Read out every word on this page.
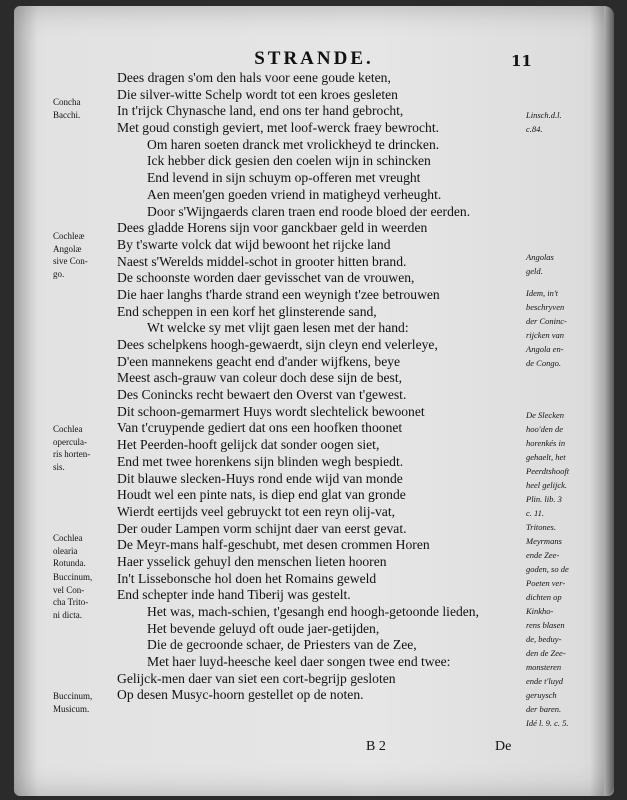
STRANDE.	11
Concha
Bacchi.
Cochleæ
Angolæ
sive Con-
go.
Cochlea
opercula-
ris horten-
sis.
Cochlea
olearia
Rotunda.
Buccinum,
vel Con-
cha Trito-
ni dicta.
Buccinum,
Musicum.
Linsch.d.l.
c.84.
Angolas
geld.
Idem, in't
beschryven
der Coninc-
rijcken van
Angola en-
de Congo.
De Slecken
hoo'den de
horenkés in
gehaelt, het
Peerdtshooft
heel gelijck.
Plin. lib. 3
c. 11.
Tritones.
Meyrmans
ende Zee-
goden, so de
Poeten ver-
dichten op
Kinkho-
rens blasen
de, beduy-
den de Zee-
monsteren
ende t'luyd
geruysch
der baren.
Idé l. 9. c. 5.
Dees dragen s'om den hals voor eene goude keten,
Die silver-witte Schelp wordt tot een kroes gesleten
In t'rijck Chynasche land, end ons ter hand gebrocht,
Met goud constigh geviert, met loof-werck fraey bewrocht.
Om haren soeten dranck met vrolickheyd te drincken.
Ick hebber dick gesien den coelen wijn in schincken
End levend in sijn schuym op-offeren met vreught
Aen meen'gen goeden vriend in matigheyd verheught.
Door s'Wijngaerds claren traen end roode bloed der eerden.
Dees gladde Horens sijn voor ganckbaer geld in weerden
By t'swarte volck dat wijd bewoont het rijcke land
Naest s'Werelds middel-schot in grooter hitten brand.
De schoonste worden daer gevisschet van de vrouwen,
Die haer langhs t'harde strand een weynigh t'zee betrouwen
End scheppen in een korf het glinsterende sand,
Wt welcke sy met vlijt gaen lesen met der hand:
Dees schelpkens hoogh-gewaerdt, sijn cleyn end velerleye,
D'een mannekens geacht end d'ander wijfkens, beye
Meest asch-grauw van coleur doch dese sijn de best,
Des Conincks recht bewaert den Overst van t'gewest.
Dit schoon-gemarmert Huys wordt slechtelick bewoonet
Van t'cruypende gediert dat ons een hoofken thoonet
Het Peerden-hooft gelijck dat sonder oogen siet,
End met twee horenkens sijn blinden wegh bespiedt.
Dit blauwe slecken-Huys rond ende wijd van monde
Houdt wel een pinte nats, is diep end glat van gronde
Wierdt eertijds veel gebruyckt tot een reyn olij-vat,
Der ouder Lampen vorm schijnt daer van eerst gevat.
De Meyr-mans half-geschubt, met desen crommen Horen
Haer ysselick gehuyl den menschen lieten hooren
In't Lissebonsche hol doen het Romains geweld
End schepter inde hand Tiberij was gestelt.
Het was, mach-schien, t'gesangh end hoogh-getoonde lieden,
Het bevende geluyd oft oude jaer-getijden,
Die de gecroonde schaer, de Priesters van de Zee,
Met haer luyd-heesche keel daer songen twee end twee:
Gelijck-men daer van siet een cort-begrijp gesloten
Op desen Musyc-hoorn gestellet op de noten.
B 2	De
